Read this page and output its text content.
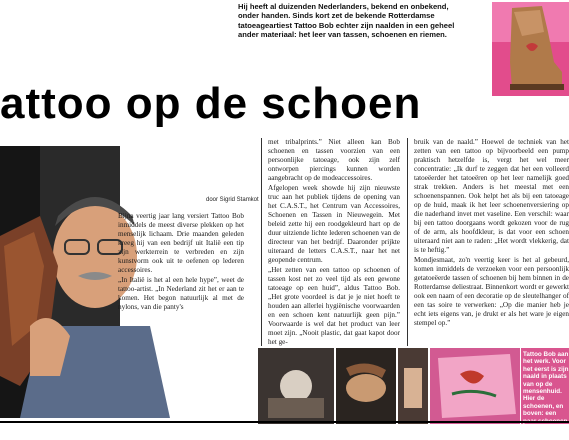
attoo op de schoen
Hij heeft al duizenden Nederlanders, bekend en onbekend, onder handen. Sinds kort zet de bekende Rotterdamse tatoeageartiest Tattoo Bob echter zijn naalden in een geheel ander materiaal: het leer van tassen, schoenen en riemen.
door Sigrid Stamkot

Bijna veertig jaar lang versiert Tattoo Bob inmiddels de meest diverse plekken op het menselijk lichaam. Drie maanden geleden kreeg hij van een bedrijf uit Italië een tip zijn werkterrein te verbreden en zijn kunstvorm ook uit te oefenen op lederen accessoires.

„In Italië is het al een hele hype”, weet de tattoo-artist. „In Nederland zit het er aan te komen. Het begon natuurlijk al met de nylons, van die panty's

met tribalprints.” Niet alleen kan Bob schoenen en tassen voorzien van een persoonlijke tatoeage, ook zijn zelf ontworpen piercings kunnen worden aangebracht op de modeaccessoires.

Afgelopen week showde hij zijn nieuwste truc aan het publiek tijdens de opening van het C.A.S.T., het Centrum van Accessoires, Schoenen en Tassen in Nieuwegein. Met beleid zette hij een roodgekleurd hart op de duur uitziende lichte lederen schoenen van de directeur van het bedrijf. Daaronder prijkte uiteraard de letters C.A.S.T., naar het net geopende centrum.

„Het zetten van een tattoo op schoenen of tassen kost net zo veel tijd als een gewone tatoeage op een huid”, aldus Tattoo Bob. „Het grote voordeel is dat je je niet hoeft te houden aan allerlei hygiënische voorwaarden en een schoen kent natuurlijk geen pijn.” Voorwaarde is wel dat het product van leer moet zijn. „Nooit plastic, dat gaat kapot door het ge-

bruik van de naald.” Hoewel de techniek van het zetten van een tattoo op bijvoorbeeld een pump praktisch hetzelfde is, vergt het wel meer concentratie: „Ik durf te zeggen dat het een volleerd tatoeëerder het tatoeëren op het leer namelijk goed strak trekken. Anders is het meestal met een schoenenspannen. Ook helpt het als bij een tatoeage op de huid, maak ik het leer schoenenversiering op die naderhand invet met vaseline. Een verschil: waar bij een tattoo doorgaans wordt gekozen voor de rug of de arm, als hoofdkleur, is dat voor een schoen uiteraard niet aan te raden: „Het wordt vlekkerig, dat is te heftig.”

Mondjesmaat, zo'n veertig keer is het al gebeurd, komen inmiddels de verzoeken voor een persoonlijk getatoeëerde tassen of schoenen bij hem binnen in de Rotterdamse deliestraat. Binnenkort wordt er gewerkt ook een naam of een decoratie op de sleutelhanger of een tas soire te verwerken: „Op die manier heb je echt iets eigens van, je drukt er als het ware je eigen stempel op.”

Tattoo Bob aan het werk. Voor het eerst is zijn naald in plaats van op de mensenhuid. Hier de schoenen, en boven: een van een tas en van een laars.
